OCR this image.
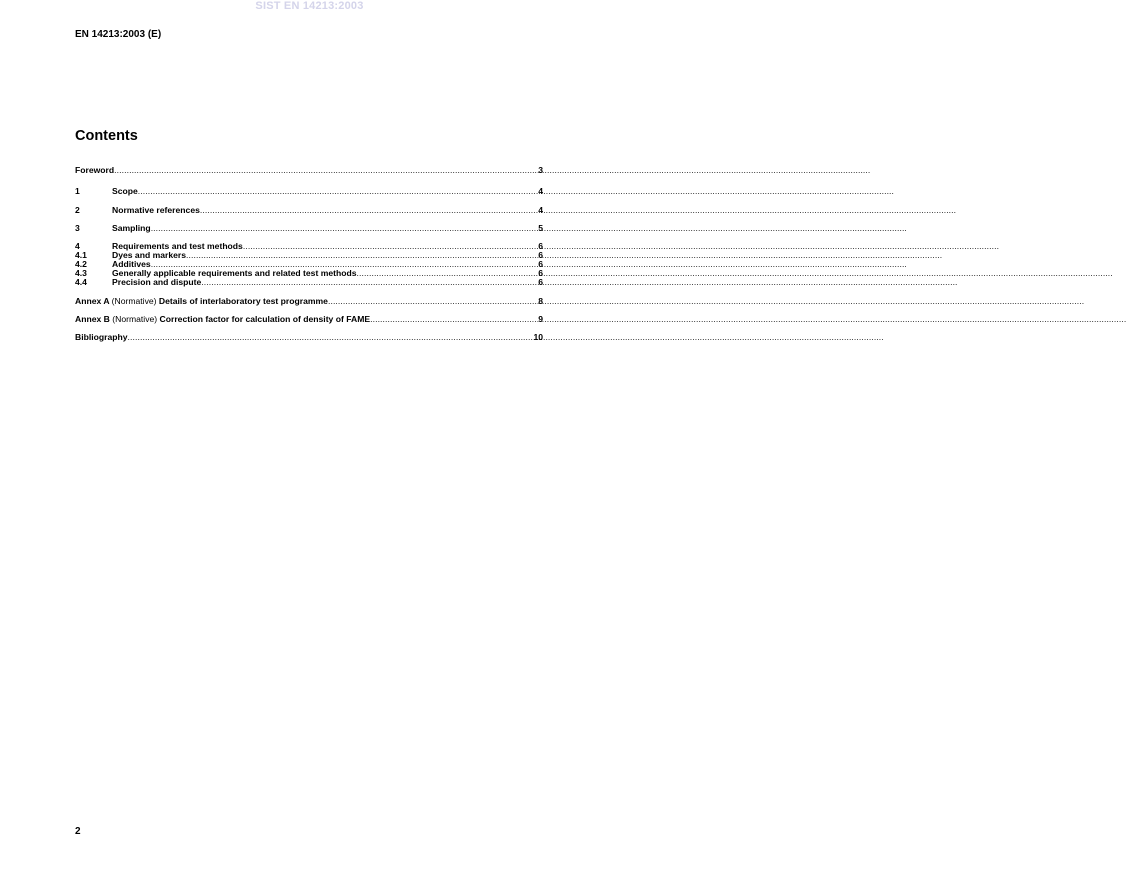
SIST EN 14213:2003
EN 14213:2003 (E)
Contents
Foreword .....	3
1	Scope .....	4
2	Normative references .....	4
3	Sampling .....	5
4	Requirements and test methods .....	6
4.1	Dyes and markers .....	6
4.2	Additives .....	6
4.3	Generally applicable requirements and related test methods .....	6
4.4	Precision and dispute .....	6
Annex A (Normative) Details of interlaboratory test programme .....	8
Annex B (Normative) Correction factor for calculation of density of FAME .....	9
Bibliography .....	10
2
